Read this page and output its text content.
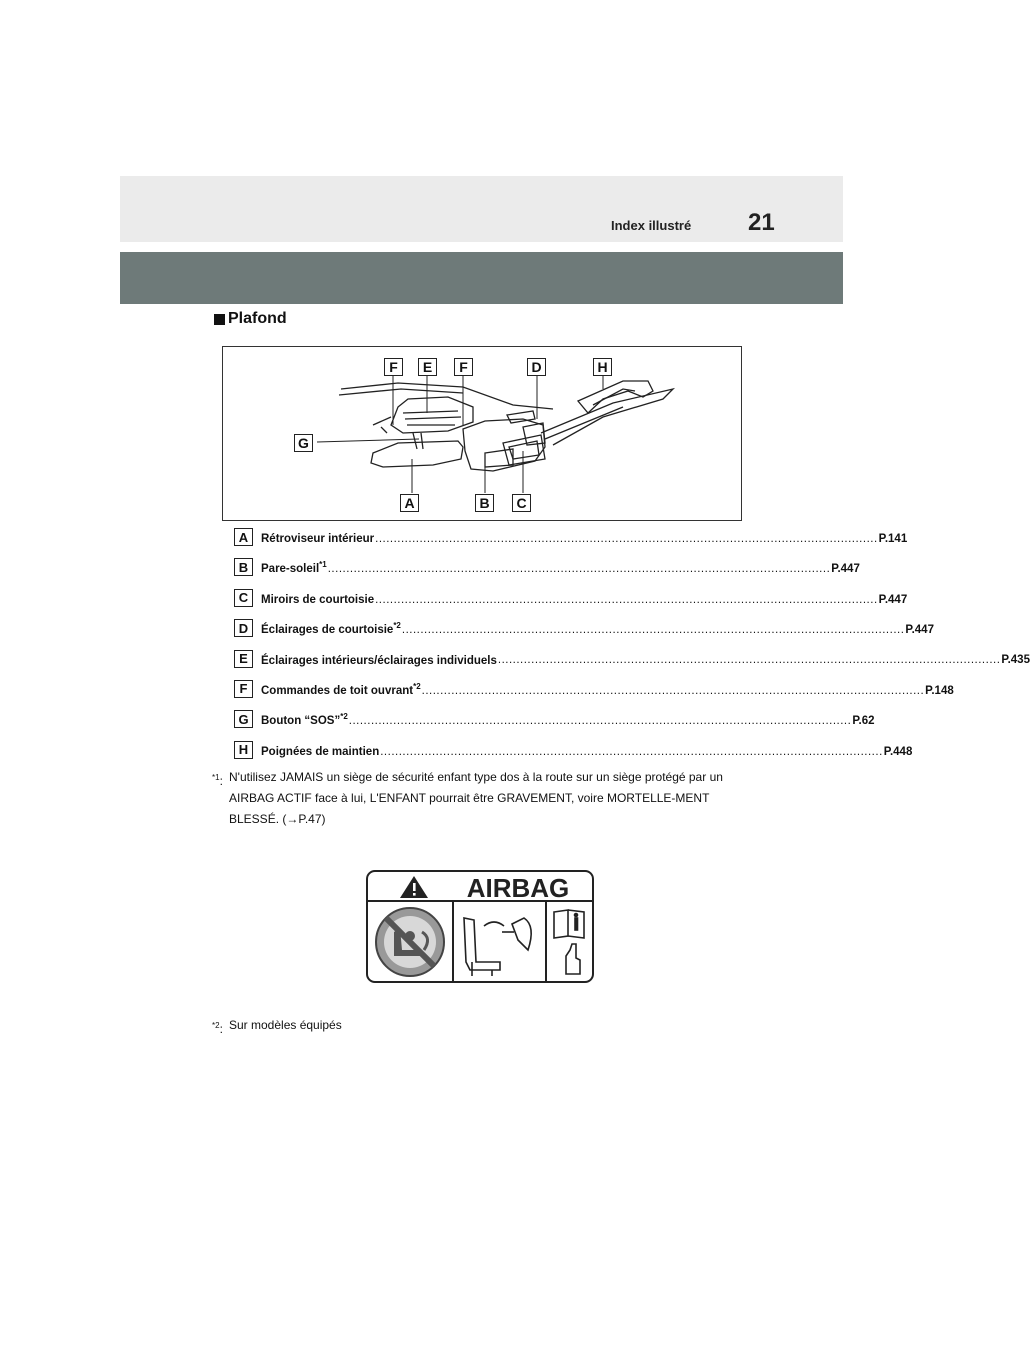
Index illustré 21
Plafond
F	E	F	D	H
G
A	B	C
A	Rétroviseur intérieur ........................................................................................................................................ P.141
B	Pare-soleil$^{*1}$ ........................................................................................................................................ P.447
C	Miroirs de courtoisie ........................................................................................................................................ P.447
D	Éclairages de courtoisie$^{*2}$ ........................................................................................................................................ P.447
E	Éclairages intérieurs/éclairages individuels ........................................................................................................................................ P.435
F	Commandes de toit ouvrant$^{*2}$ ........................................................................................................................................ P.148
G	Bouton “SOS”$^{*2}$ ........................................................................................................................................ P.62
H	Poignées de maintien ........................................................................................................................................ P.448
$^{*1}$: N'utilisez JAMAIS un siège de sécurité enfant type dos à la route sur un siège protégé par un AIRBAG ACTIF face à lui, L'ENFANT pourrait être GRAVEMENT, voire MORTELLE-MENT BLESSÉ. (→P.47)
AIRBAG
$^{*2}$: Sur modèles équipés
